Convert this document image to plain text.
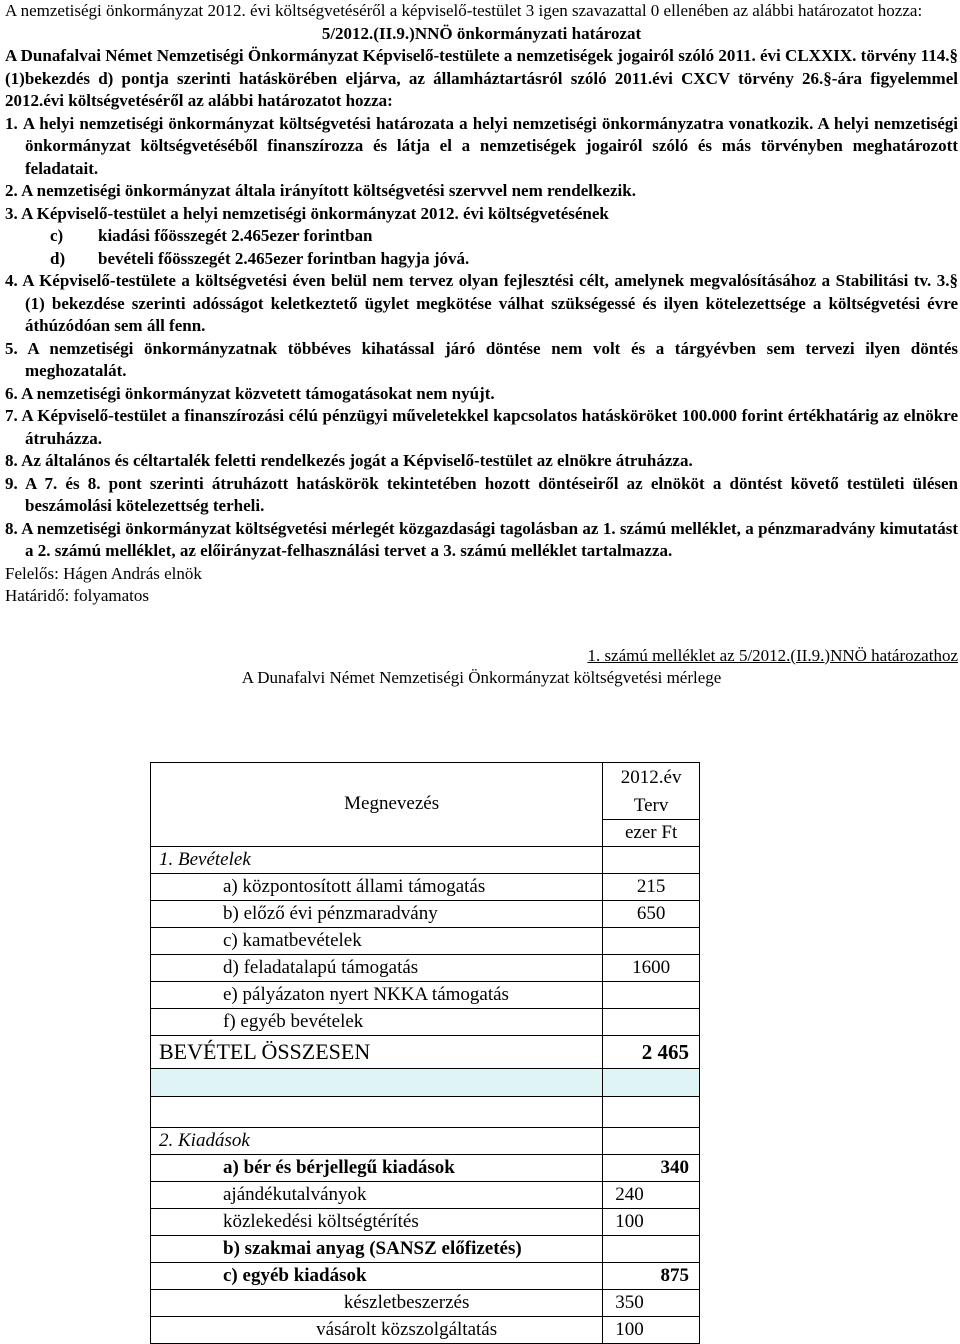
A nemzetiségi önkormányzat 2012. évi költségvetéséről a képviselő-testület 3 igen szavazattal 0 ellenében az alábbi határozatot hozza:

5/2012.(II.9.)NNÖ önkormányzati határozat

A Dunafalvai Német Nemzetiségi Önkormányzat Képviselő-testülete a nemzetiségek jogairól szóló 2011. évi CLXXIX. törvény 114.§ (1)bekezdés d) pontja szerinti hatáskörében eljárva, az államháztartásról szóló 2011.évi CXCV törvény 26.§-ára figyelemmel 2012.évi költségvetéséről az alábbi határozatot hozza:

1. A helyi nemzetiségi önkormányzat költségvetési határozata a helyi nemzetiségi önkormányzatra vonatkozik. A helyi nemzetiségi önkormányzat költségvetéséből finanszírozza és látja el a nemzetiségek jogairól szóló és más törvényben meghatározott feladatait.

2. A nemzetiségi önkormányzat általa irányított költségvetési szervvel nem rendelkezik.

3. A Képviselő-testület a helyi nemzetiségi önkormányzat 2012. évi költségvetésének

c) kiadási főösszegét 2.465ezer forintban

d) bevételi főösszegét 2.465ezer forintban hagyja jóvá.

4. A Képviselő-testülete a költségvetési éven belül nem tervez olyan fejlesztési célt, amelynek megvalósításához a Stabilitási tv. 3.§ (1) bekezdése szerinti adósságot keletkeztető ügylet megkötése válhat szükségessé és ilyen kötelezettsége a költségvetési évre áthúzódóan sem áll fenn.

5. A nemzetiségi önkormányzatnak többéves kihatással járó döntése nem volt és a tárgyévben sem tervezi ilyen döntés meghozatalát.

6. A nemzetiségi önkormányzat közvetett támogatásokat nem nyújt.

7. A Képviselő-testület a finanszírozási célú pénzügyi műveletekkel kapcsolatos hatásköröket 100.000 forint értékhatárig az elnökre átruházza.

8. Az általános és céltartalék feletti rendelkezés jogát a Képviselő-testület az elnökre átruházza.

9. A 7. és 8. pont szerinti átruházott hatáskörök tekintetében hozott döntéseiről az elnököt a döntést követő testületi ülésen beszámolási kötelezettség terheli.

8. A nemzetiségi önkormányzat költségvetési mérlegét közgazdasági tagolásban az 1. számú melléklet, a pénzmaradvány kimutatást a 2. számú melléklet, az előirányzat-felhasználási tervet a 3. számú melléklet tartalmazza.

Felelős: Hágen András elnök

Határidő: folyamatos

1. számú melléklet az 5/2012.(II.9.)NNÖ határozathoz

A Dunafalvi Német Nemzetiségi Önkormányzat költségvetési mérlege

Megnevezés	2012.év
	Terv
	ezer Ft
1. Bevételek	
a) központosított állami támogatás	215
b) előző évi pénzmaradvány	650
c) kamatbevételek	
d) feladatalapú támogatás	1600
e) pályázaton nyert NKKA támogatás	
f) egyéb bevételek	
BEVÉTEL ÖSSZESEN	2 465

2. Kiadások	
a) bér és bérjellegű kiadások	340
ajándékutalványok	240
közlekedési költségtérítés	100
b) szakmai anyag (SANSZ előfizetés)	
c) egyéb kiadások	875
készletbeszerzés	350
vásárolt közszolgáltatás	100
